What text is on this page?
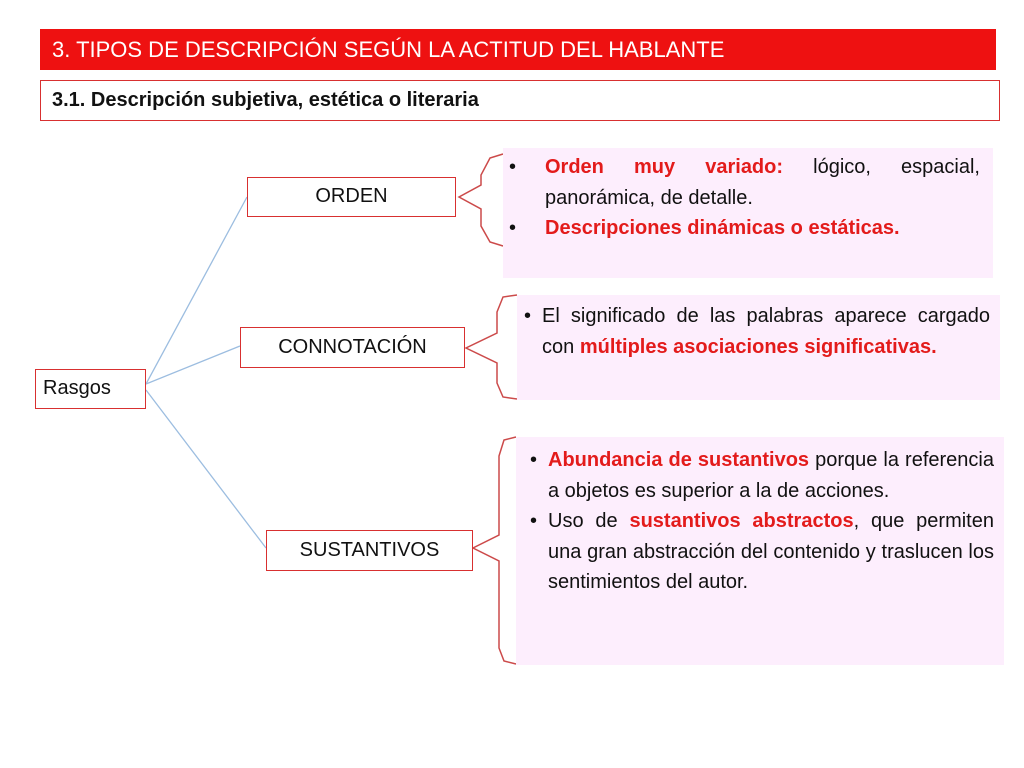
3. TIPOS DE DESCRIPCIÓN SEGÚN LA ACTITUD DEL HABLANTE
3.1. Descripción subjetiva, estética o literaria
Rasgos
ORDEN
CONNOTACIÓN
SUSTANTIVOS
• Orden muy variado: lógico, espacial, panorámica, de detalle.
• Descripciones dinámicas o estáticas.
• El significado de las palabras aparece cargado con múltiples asociaciones significativas.
• Abundancia de sustantivos porque la referencia a objetos es superior a la de acciones.
• Uso de sustantivos abstractos, que permiten una gran abstracción del contenido y traslucen los sentimientos del autor.
